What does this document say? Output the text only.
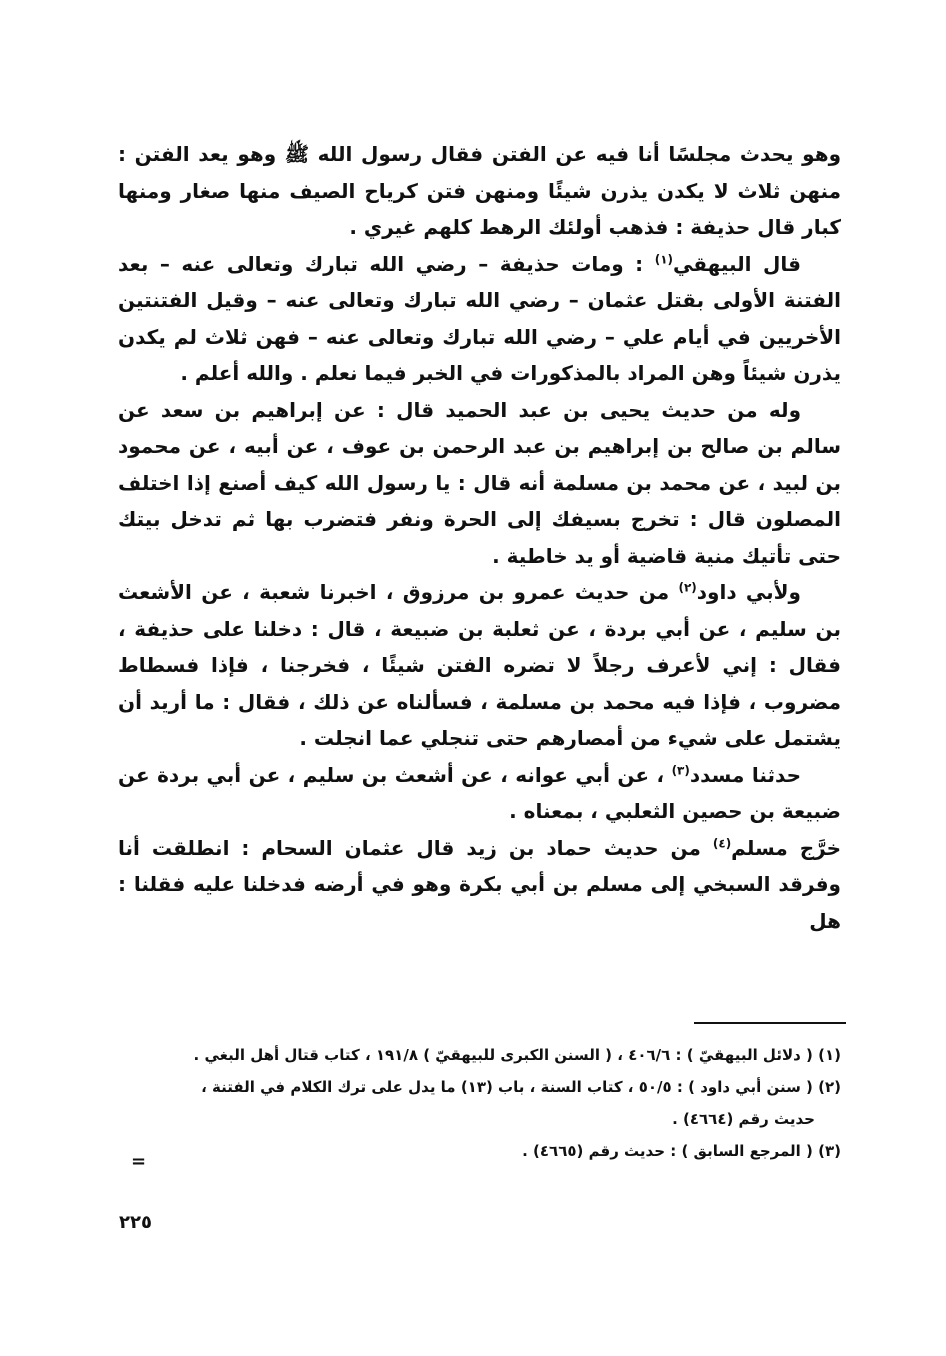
وهو يحدث مجلسًا أنا فيه عن الفتن فقال رسول الله ﷺ وهو يعد الفتن : منهن ثلاث لا يكدن يذرن شيئًا ومنهن فتن كرياح الصيف منها صغار ومنها كبار قال حذيفة : فذهب أولئك الرهط كلهم غيري .

قال البيهقي$^{(١)}$ : ومات حذيفة – رضي الله تبارك وتعالى عنه – بعد الفتنة الأولى بقتل عثمان – رضي الله تبارك وتعالى عنه – وقيل الفتنتين الأخريين في أيام علي – رضي الله تبارك وتعالى عنه – فهن ثلاث لم يكدن يذرن شيئاً وهن المراد بالمذكورات في الخبر فيما نعلم . والله أعلم .

وله من حديث يحيى بن عبد الحميد قال : عن إبراهيم بن سعد عن سالم بن صالح بن إبراهيم بن عبد الرحمن بن عوف ، عن أبيه ، عن محمود بن لبيد ، عن محمد بن مسلمة أنه قال : يا رسول الله كيف أصنع إذا اختلف المصلون قال : تخرج بسيفك إلى الحرة ونفر فتضرب بها ثم تدخل بيتك حتى تأتيك منية قاضية أو يد خاطية .

ولأبي داود$^{(٢)}$ من حديث عمرو بن مرزوق ، اخبرنا شعبة ، عن الأشعث بن سليم ، عن أبي بردة ، عن ثعلبة بن ضبيعة ، قال : دخلنا على حذيفة ، فقال : إني لأعرف رجلاً لا تضره الفتن شيئًا ، فخرجنا ، فإذا فسطاط مضروب ، فإذا فيه محمد بن مسلمة ، فسألناه عن ذلك ، فقال : ما أريد أن يشتمل على شيء من أمصارهم حتى تنجلي عما انجلت .

حدثنا مسدد$^{(٣)}$ ، عن أبي عوانه ، عن أشعث بن سليم ، عن أبي بردة عن ضبيعة بن حصين الثعلبي ، بمعناه .

خرَّج مسلم$^{(٤)}$ من حديث حماد بن زيد قال عثمان السحام : انطلقت أنا وفرقد السبخي إلى مسلم بن أبي بكرة وهو في أرضه فدخلنا عليه فقلنا : هل

(١) ( دلائل البيهقيّ ) : ٤٠٦/٦ ، ( السنن الكبرى للبيهقيّ ) ١٩١/٨ ، كتاب قتال أهل البغي .

(٢) ( سنن أبي داود ) : ٥٠/٥ ، كتاب السنة ، باب (١٣) ما يدل على ترك الكلام في الفتنة ،

حديث رقم (٤٦٦٤) .

(٣) ( المرجع السابق ) : حديث رقم (٤٦٦٥) .

=
٢٢٥
